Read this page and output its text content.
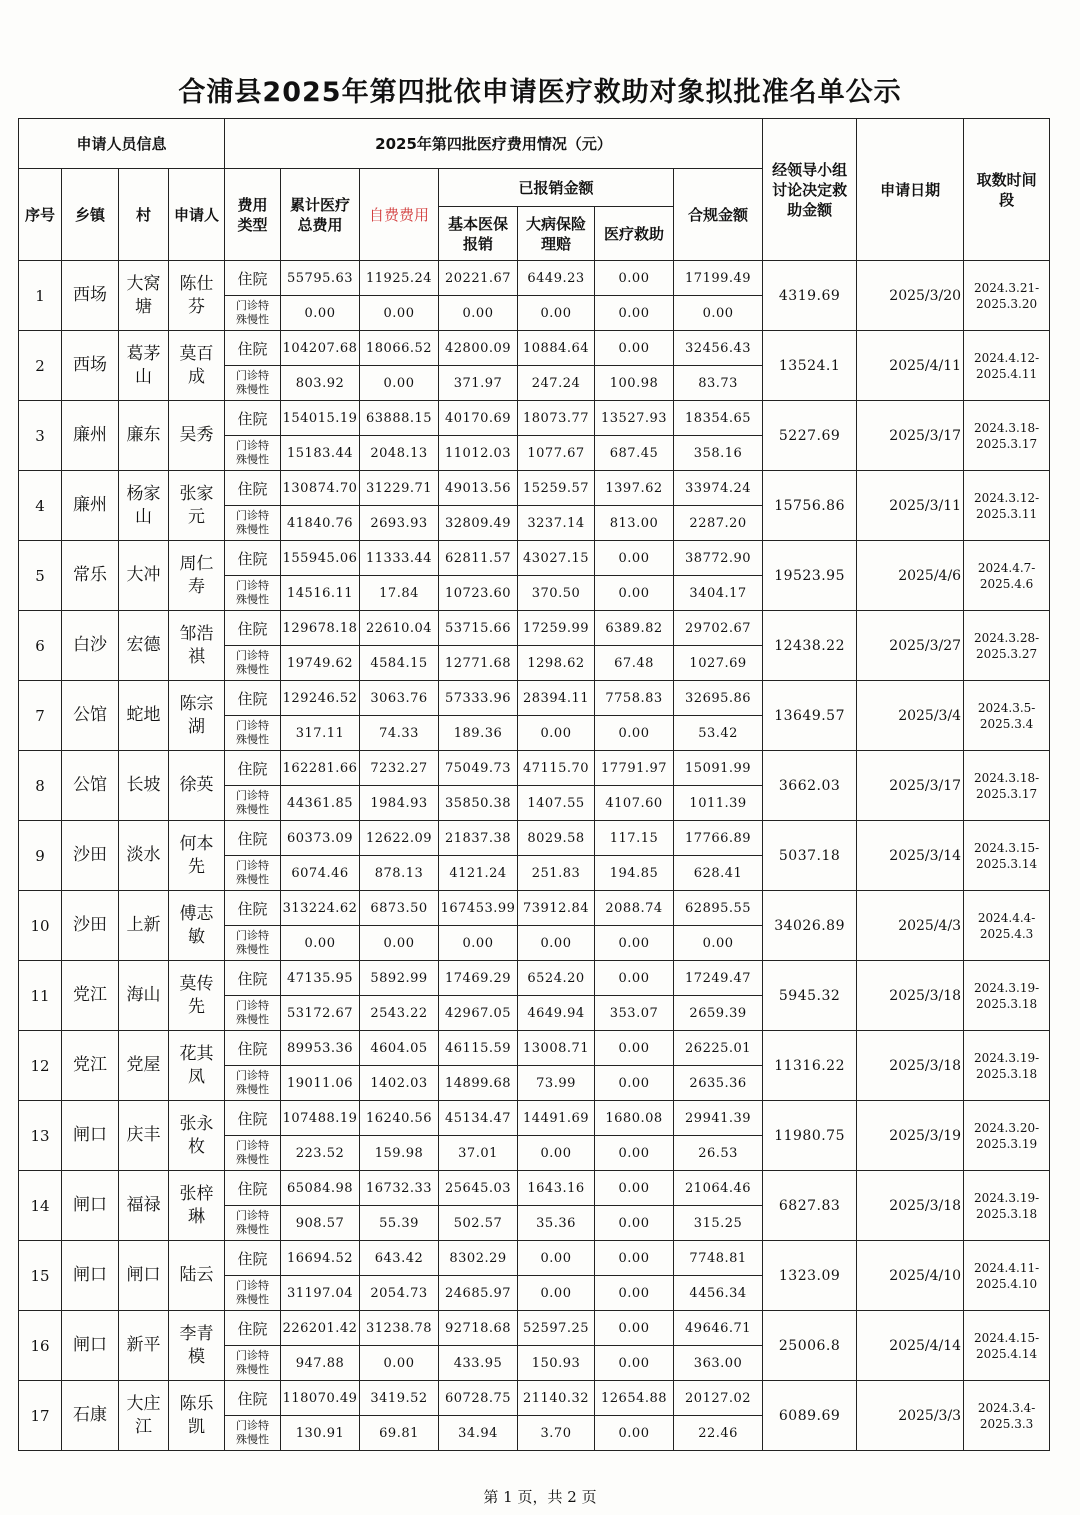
合浦县2025年第四批依申请医疗救助对象拟批准名单公示
申请人员信息				2025年第四批医疗费用情况（元）							经领导小组讨论决定救助金额	申请日期	取数时间段
序号	乡镇	村	申请人	费用类型	累计医疗总费用	自费费用	已报销金额			合规金额			
							基本医保报销	大病保险理赔	医疗救助				
1	西场	大窝塘	陈仕芬	住院	55795.63	11925.24	20221.67	6449.23	0.00	17199.49	4319.69	2025/3/20	2024.3.21-
2025.3.20

				门诊特殊慢性	0.00	0.00	0.00	0.00	0.00	0.00			
2	西场	葛茅山	莫百成	住院	104207.68	18066.52	42800.09	10884.64	0.00	32456.43	13524.1	2025/4/11	2024.4.12-
2025.4.11

				门诊特殊慢性	803.92	0.00	371.97	247.24	100.98	83.73			
3	廉州	廉东	吴秀	住院	154015.19	63888.15	40170.69	18073.77	13527.93	18354.65	5227.69	2025/3/17	2024.3.18-
2025.3.17

				门诊特殊慢性	15183.44	2048.13	11012.03	1077.67	687.45	358.16			
4	廉州	杨家山	张家元	住院	130874.70	31229.71	49013.56	15259.57	1397.62	33974.24	15756.86	2025/3/11	2024.3.12-
2025.3.11

				门诊特殊慢性	41840.76	2693.93	32809.49	3237.14	813.00	2287.20			
5	常乐	大冲	周仁寿	住院	155945.06	11333.44	62811.57	43027.15	0.00	38772.90	19523.95	2025/4/6	2024.4.7-
2025.4.6

				门诊特殊慢性	14516.11	17.84	10723.60	370.50	0.00	3404.17			
6	白沙	宏德	邹浩祺	住院	129678.18	22610.04	53715.66	17259.99	6389.82	29702.67	12438.22	2025/3/27	2024.3.28-
2025.3.27

				门诊特殊慢性	19749.62	4584.15	12771.68	1298.62	67.48	1027.69			
7	公馆	蛇地	陈宗湖	住院	129246.52	3063.76	57333.96	28394.11	7758.83	32695.86	13649.57	2025/3/4	2024.3.5-
2025.3.4

				门诊特殊慢性	317.11	74.33	189.36	0.00	0.00	53.42			
8	公馆	长坡	徐英	住院	162281.66	7232.27	75049.73	47115.70	17791.97	15091.99	3662.03	2025/3/17	2024.3.18-
2025.3.17

				门诊特殊慢性	44361.85	1984.93	35850.38	1407.55	4107.60	1011.39			
9	沙田	淡水	何本先	住院	60373.09	12622.09	21837.38	8029.58	117.15	17766.89	5037.18	2025/3/14	2024.3.15-
2025.3.14

				门诊特殊慢性	6074.46	878.13	4121.24	251.83	194.85	628.41			
10	沙田	上新	傅志敏	住院	313224.62	6873.50	167453.99	73912.84	2088.74	62895.55	34026.89	2025/4/3	2024.4.4-
2025.4.3

				门诊特殊慢性	0.00	0.00	0.00	0.00	0.00	0.00			
11	党江	海山	莫传先	住院	47135.95	5892.99	17469.29	6524.20	0.00	17249.47	5945.32	2025/3/18	2024.3.19-
2025.3.18

				门诊特殊慢性	53172.67	2543.22	42967.05	4649.94	353.07	2659.39			
12	党江	党屋	花其凤	住院	89953.36	4604.05	46115.59	13008.71	0.00	26225.01	11316.22	2025/3/18	2024.3.19-
2025.3.18

				门诊特殊慢性	19011.06	1402.03	14899.68	73.99	0.00	2635.36			
13	闸口	庆丰	张永枚	住院	107488.19	16240.56	45134.47	14491.69	1680.08	29941.39	11980.75	2025/3/19	2024.3.20-
2025.3.19

				门诊特殊慢性	223.52	159.98	37.01	0.00	0.00	26.53			
14	闸口	福禄	张梓琳	住院	65084.98	16732.33	25645.03	1643.16	0.00	21064.46	6827.83	2025/3/18	2024.3.19-
2025.3.18

				门诊特殊慢性	908.57	55.39	502.57	35.36	0.00	315.25			
15	闸口	闸口	陆云	住院	16694.52	643.42	8302.29	0.00	0.00	7748.81	1323.09	2025/4/10	2024.4.11-
2025.4.10

				门诊特殊慢性	31197.04	2054.73	24685.97	0.00	0.00	4456.34			
16	闸口	新平	李青模	住院	226201.42	31238.78	92718.68	52597.25	0.00	49646.71	25006.8	2025/4/14	2024.4.15-
2025.4.14

				门诊特殊慢性	947.88	0.00	433.95	150.93	0.00	363.00			
17	石康	大庄江	陈乐凯	住院	118070.49	3419.52	60728.75	21140.32	12654.88	20127.02	6089.69	2025/3/3	2024.3.4-
2025.3.3

				门诊特殊慢性	130.91	69.81	34.94	3.70	0.00	22.46			
第 1 页，共 2 页
